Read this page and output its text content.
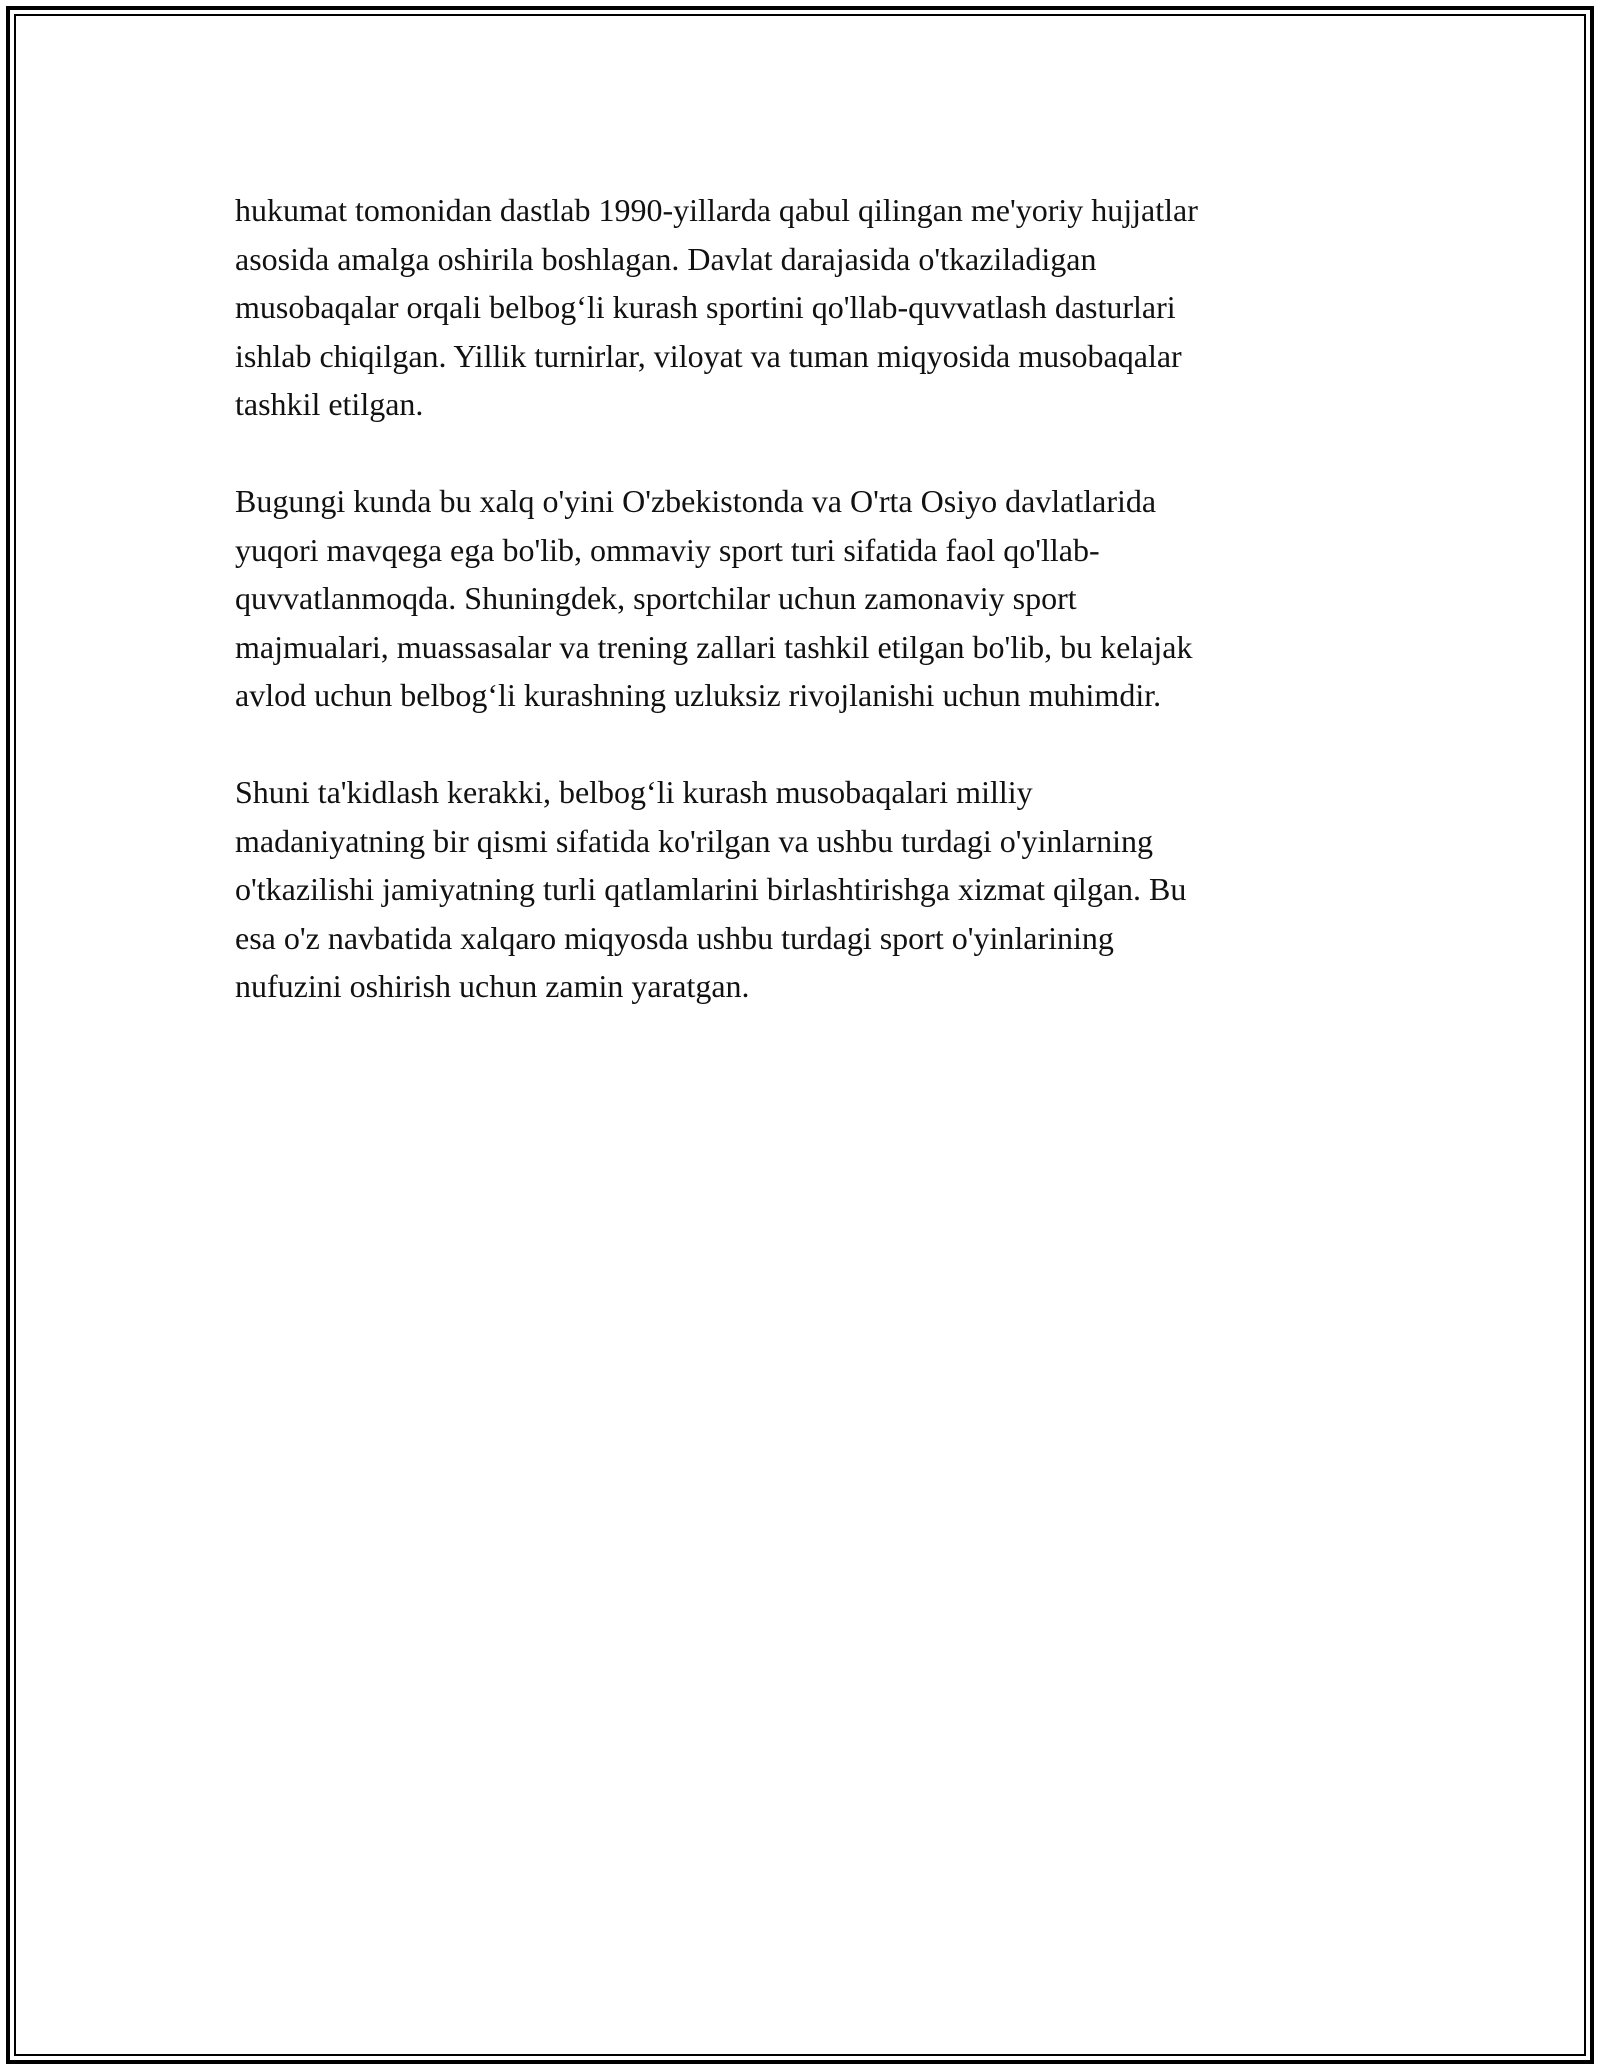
hukumat tomonidan dastlab 1990-yillarda qabul qilingan me'yoriy hujjatlar
asosida amalga oshirila boshlagan. Davlat darajasida o'tkaziladigan
musobaqalar orqali belbog‘li kurash sportini qo'llab-quvvatlash dasturlari
ishlab chiqilgan. Yillik turnirlar, viloyat va tuman miqyosida musobaqalar
tashkil etilgan.

Bugungi kunda bu xalq o'yini O'zbekistonda va O'rta Osiyo davlatlarida
yuqori mavqega ega bo'lib, ommaviy sport turi sifatida faol qo'llab-
quvvatlanmoqda. Shuningdek, sportchilar uchun zamonaviy sport
majmualari, muassasalar va trening zallari tashkil etilgan bo'lib, bu kelajak
avlod uchun belbog‘li kurashning uzluksiz rivojlanishi uchun muhimdir.

Shuni ta'kidlash kerakki, belbog‘li kurash musobaqalari milliy
madaniyatning bir qismi sifatida ko'rilgan va ushbu turdagi o'yinlarning
o'tkazilishi jamiyatning turli qatlamlarini birlashtirishga xizmat qilgan. Bu
esa o'z navbatida xalqaro miqyosda ushbu turdagi sport o'yinlarining
nufuzini oshirish uchun zamin yaratgan.
